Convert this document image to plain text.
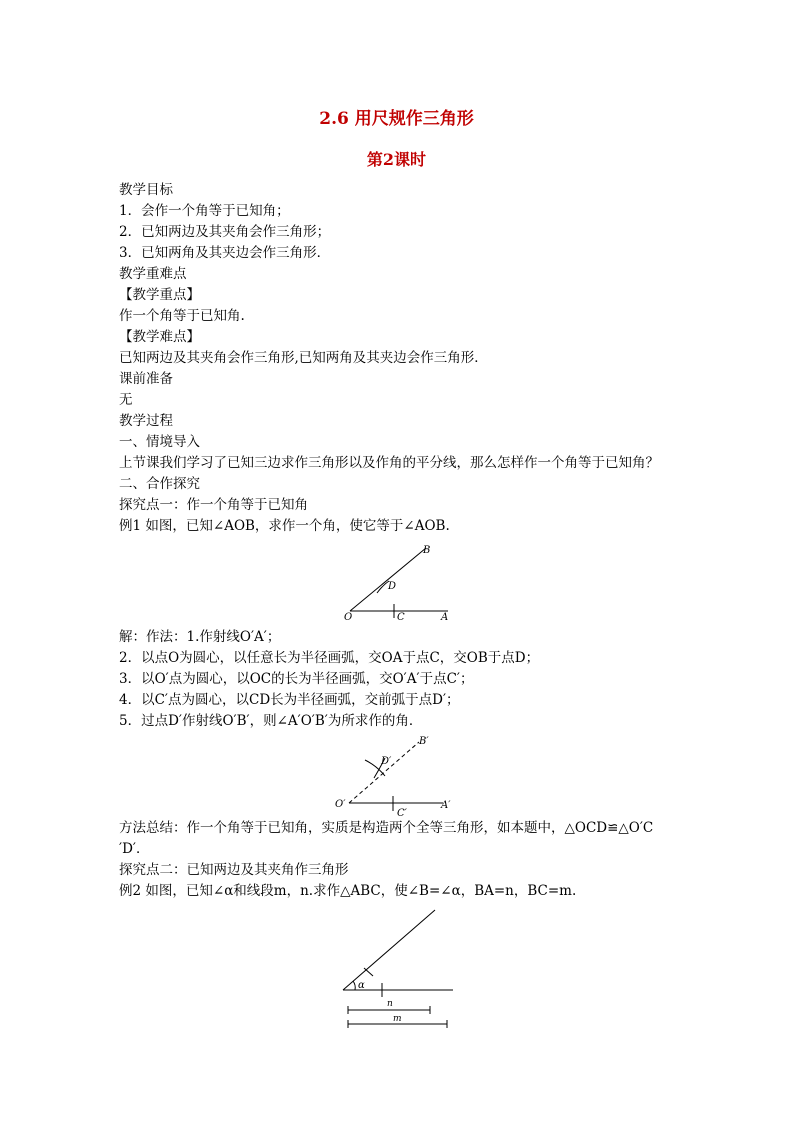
2.6 用尺规作三角形
第2课时
教学目标
1．会作一个角等于已知角；
2．已知两边及其夹角会作三角形；
3．已知两角及其夹边会作三角形．
教学重难点
【教学重点】
作一个角等于已知角.
【教学难点】
已知两边及其夹角会作三角形,已知两角及其夹边会作三角形．
课前准备
无
教学过程
一、情境导入
上节课我们学习了已知三边求作三角形以及作角的平分线，那么怎样作一个角等于已知角？
二、合作探究
探究点一：作一个角等于已知角
例1 如图，已知∠AOB，求作一个角，使它等于∠AOB.
B
D
O	C	A
解：作法：1.作射线O′A′；
2．以点O为圆心，以任意长为半径画弧，交OA于点C，交OB于点D；
3．以O′点为圆心，以OC的长为半径画弧，交O′A′于点C′；
4．以C′点为圆心，以CD长为半径画弧，交前弧于点D′；
5．过点D′作射线O′B′，则∠A′O′B′为所求作的角．
B′
D′
O′
C′
A′
方法总结：作一个角等于已知角，实质是构造两个全等三角形，如本题中，△OCD≌△O′C
′D′．
探究点二：已知两边及其夹角作三角形
例2 如图，已知∠α和线段m，n.求作△ABC，使∠B=∠α，BA=n，BC=m.
α
n
m
